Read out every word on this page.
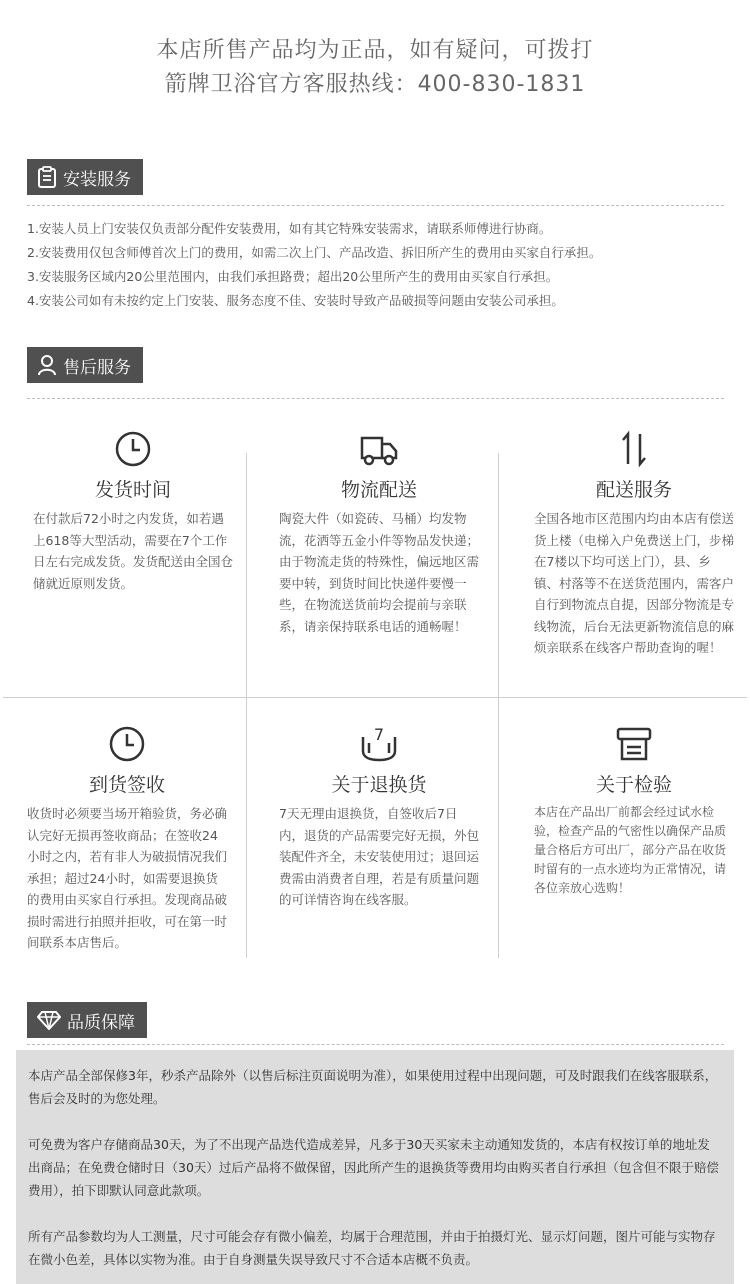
本店所售产品均为正品，如有疑问，可拨打
箭牌卫浴官方客服热线：400-830-1831
安装服务
1.安装人员上门安装仅负责部分配件安装费用，如有其它特殊安装需求，请联系师傅进行协商。
2.安装费用仅包含师傅首次上门的费用，如需二次上门、产品改造、拆旧所产生的费用由买家自行承担。
3.安装服务区域内20公里范围内，由我们承担路费；超出20公里所产生的费用由买家自行承担。
4.安装公司如有未按约定上门安装、服务态度不佳、安装时导致产品破损等问题由安装公司承担。
售后服务
发货时间
在付款后72小时之内发货，如若遇上618等大型活动，需要在7个工作日左右完成发货。发货配送由全国仓储就近原则发货。
物流配送
陶瓷大件（如瓷砖、马桶）均发物流，花洒等五金小件等物品发快递；由于物流走货的特殊性，偏远地区需要中转，到货时间比快递件要慢一些，在物流送货前均会提前与亲联系，请亲保持联系电话的通畅喔！
配送服务
全国各地市区范围内均由本店有偿送货上楼（电梯入户免费送上门，步梯在7楼以下均可送上门），县、乡镇、村落等不在送货范围内，需客户自行到物流点自提，因部分物流是专线物流，后台无法更新物流信息的麻烦亲联系在线客户帮助查询的喔！
到货签收
收货时必须要当场开箱验货，务必确认完好无损再签收商品；在签收24小时之内，若有非人为破损情况我们承担；超过24小时，如需要退换货的费用由买家自行承担。发现商品破损时需进行拍照并拒收，可在第一时间联系本店售后。
7
关于退换货
7天无理由退换货，自签收后7日内，退货的产品需要完好无损，外包装配件齐全，未安装使用过；退回运费需由消费者自理，若是有质量问题的可详情咨询在线客服。
关于检验
本店在产品出厂前都会经过试水检验，检查产品的气密性以确保产品质量合格后方可出厂，部分产品在收货时留有的一点水迹均为正常情况，请各位亲放心选购！
品质保障

本店产品全部保修3年，秒杀产品除外（以售后标注页面说明为准），如果使用过程中出现问题，可及时跟我们在线客服联系，售后会及时的为您处理。

可免费为客户存储商品30天，为了不出现产品迭代造成差异，凡多于30天买家未主动通知发货的，本店有权按订单的地址发出商品；在免费仓储时日（30天）过后产品将不做保留，因此所产生的退换货等费用均由购买者自行承担（包含但不限于赔偿费用），拍下即默认同意此款项。

所有产品参数均为人工测量，尺寸可能会存有微小偏差，均属于合理范围，并由于拍摄灯光、显示灯问题，图片可能与实物存在微小色差，具体以实物为准。由于自身测量失误导致尺寸不合适本店概不负责。
